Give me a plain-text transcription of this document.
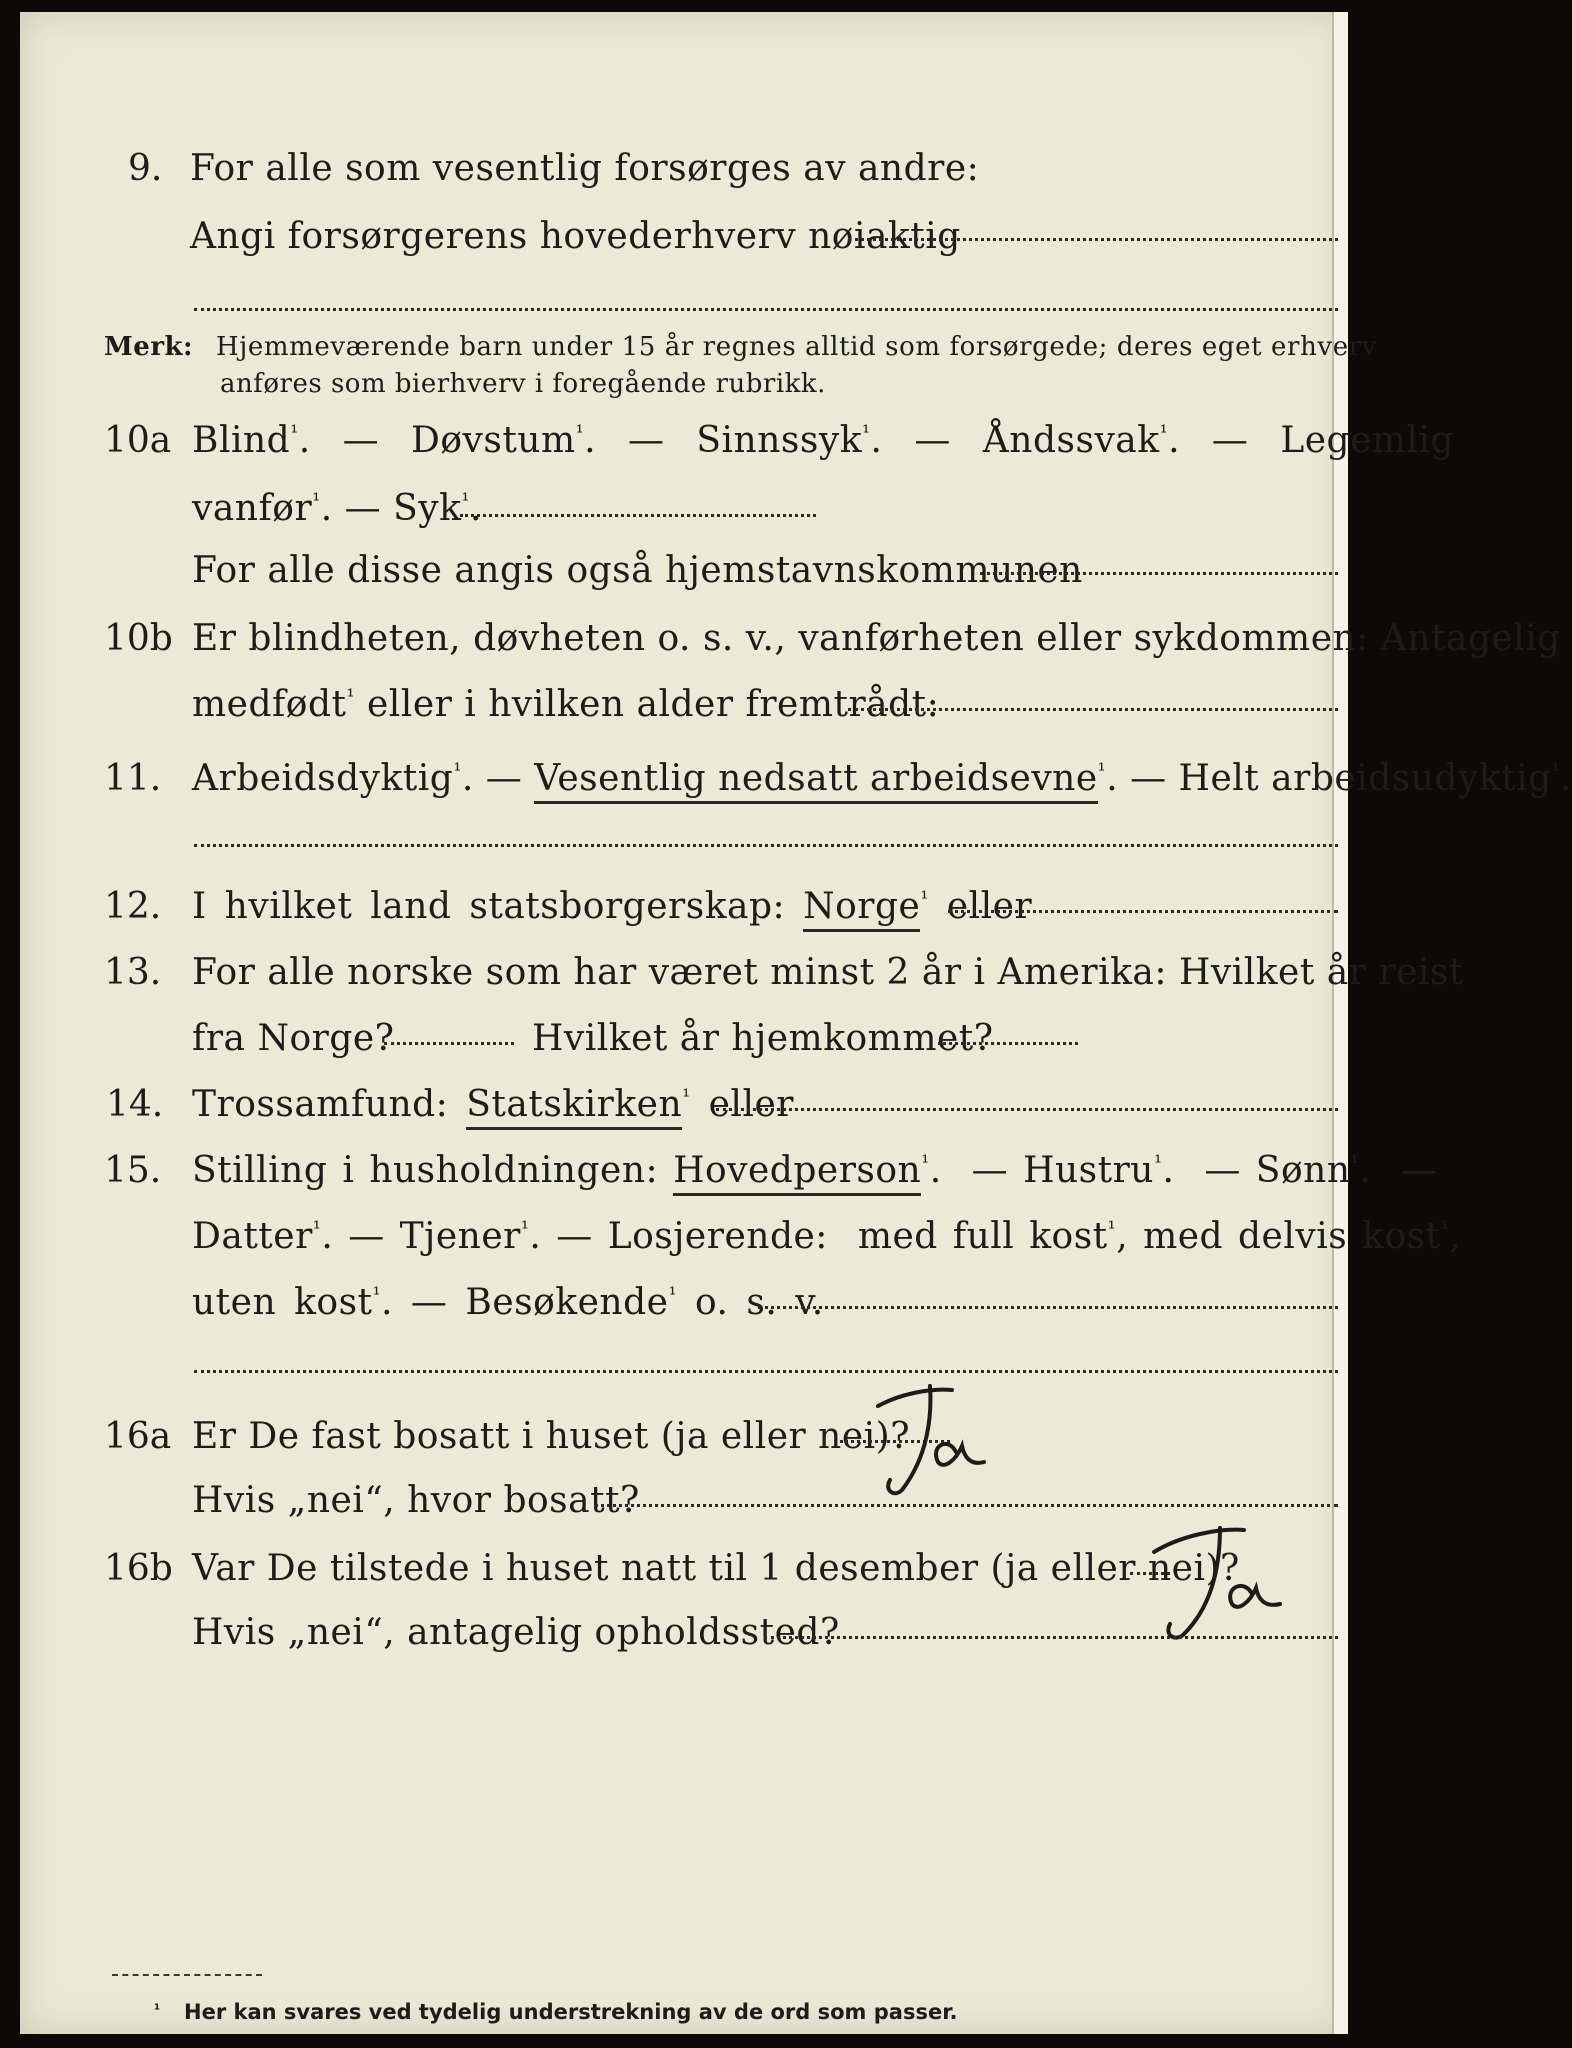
9. For alle som vesentlig forsørges av andre:
Angi forsørgerens hovederhverv nøiaktig
Merk: Hjemmeværende barn under 15 år regnes alltid som forsørgede; deres eget erhverv
anføres som bierhverv i foregående rubrikk.
10a Blind$^{^1}$.  —  Døvstum$^{^1}$.  —  Sinnssyk$^{^1}$.  —  Åndssvak$^{^1}$.  —  Legemlig
vanfør$^{^1}$. — Syk$^{^1}$.
For alle disse angis også hjemstavnskommunen
10b Er blindheten, døvheten o. s. v., vanførheten eller sykdommen: Antagelig
medfødt$^{^1}$ eller i hvilken alder fremtrådt:
11. Arbeidsdyktig$^{^1}$. — Vesentlig nedsatt arbeidsevne$^{^1}$. — Helt arbeidsudyktig$^{^1}$.
12. I hvilket land statsborgerskap: Norge$^{^1}$ eller
13. For alle norske som har været minst 2 år i Amerika: Hvilket år reist
fra Norge?	Hvilket år hjemkommet?
14. Trossamfund: Statskirken$^{^1}$ eller
15. Stilling i husholdningen: Hovedperson$^{^1}$.  — Hustru$^{^1}$.  — Sønn$^{^1}$.  —
Datter$^{^1}$. — Tjener$^{^1}$. — Losjerende: med full kost$^{^1}$, med delvis kost$^{^1}$,
uten kost$^{^1}$. — Besøkende$^{^1}$ o. s. v.
16a Er De fast bosatt i huset (ja eller nei)?
Ja
Hvis „nei“, hvor bosatt?
16b Var De tilstede i huset natt til 1 desember (ja eller nei)?
Ja
Hvis „nei“, antagelig opholdssted?
¹ Her kan svares ved tydelig understrekning av de ord som passer.
